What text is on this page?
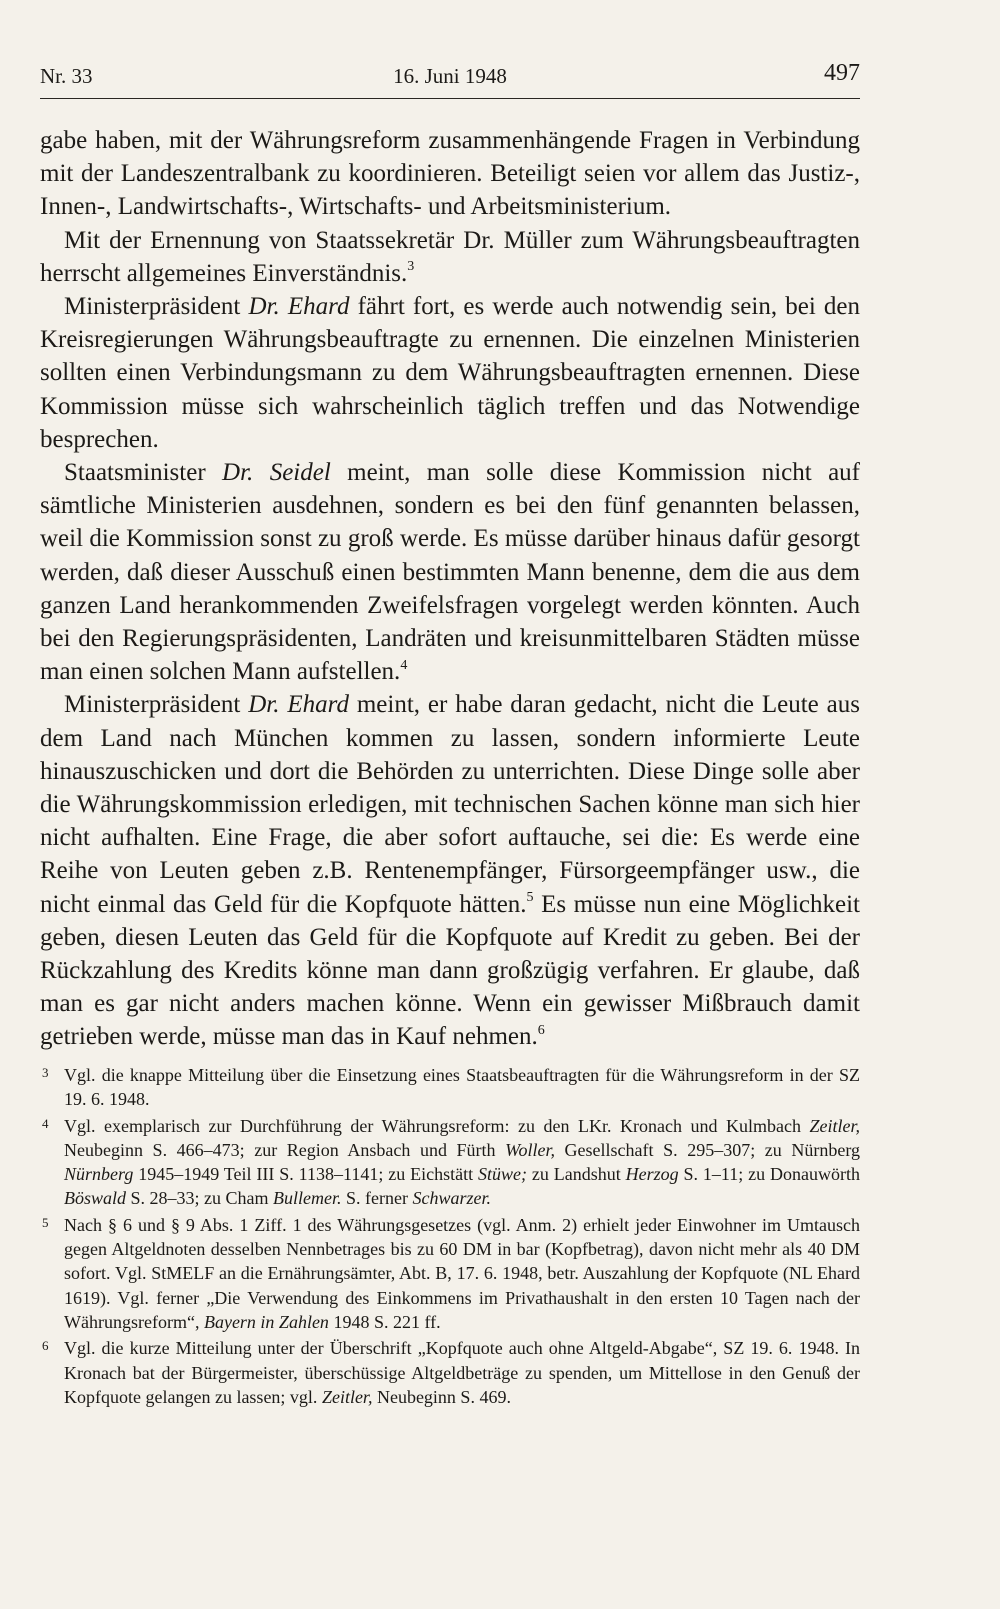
Nr. 33	16. Juni 1948	497

gabe haben, mit der Währungsreform zusammenhängende Fragen in Verbindung mit der Landeszentralbank zu koordinieren. Beteiligt seien vor allem das Justiz-, Innen-, Landwirtschafts-, Wirtschafts- und Arbeitsministerium.

Mit der Ernennung von Staatssekretär Dr. Müller zum Währungsbeauftragten herrscht allgemeines Einverständnis.$^3$

Ministerpräsident Dr. Ehard fährt fort, es werde auch notwendig sein, bei den Kreisregierungen Währungsbeauftragte zu ernennen. Die einzelnen Ministerien sollten einen Verbindungsmann zu dem Währungsbeauftragten ernennen. Diese Kommission müsse sich wahrscheinlich täglich treffen und das Notwendige besprechen.

Staatsminister Dr. Seidel meint, man solle diese Kommission nicht auf sämtliche Ministerien ausdehnen, sondern es bei den fünf genannten belassen, weil die Kommission sonst zu groß werde. Es müsse darüber hinaus dafür gesorgt werden, daß dieser Ausschuß einen bestimmten Mann benenne, dem die aus dem ganzen Land herankommenden Zweifelsfragen vorgelegt werden könnten. Auch bei den Regierungspräsidenten, Landräten und kreisunmittelbaren Städten müsse man einen solchen Mann aufstellen.$^4$

Ministerpräsident Dr. Ehard meint, er habe daran gedacht, nicht die Leute aus dem Land nach München kommen zu lassen, sondern informierte Leute hinauszuschicken und dort die Behörden zu unterrichten. Diese Dinge solle aber die Währungskommission erledigen, mit technischen Sachen könne man sich hier nicht aufhalten. Eine Frage, die aber sofort auftauche, sei die: Es werde eine Reihe von Leuten geben z.B. Rentenempfänger, Fürsorgeempfänger usw., die nicht einmal das Geld für die Kopfquote hätten.$^5$ Es müsse nun eine Möglichkeit geben, diesen Leuten das Geld für die Kopfquote auf Kredit zu geben. Bei der Rückzahlung des Kredits könne man dann großzügig verfahren. Er glaube, daß man es gar nicht anders machen könne. Wenn ein gewisser Mißbrauch damit getrieben werde, müsse man das in Kauf nehmen.$^6$

3 Vgl. die knappe Mitteilung über die Einsetzung eines Staatsbeauftragten für die Währungsreform in der SZ 19. 6. 1948.
4 Vgl. exemplarisch zur Durchführung der Währungsreform: zu den LKr. Kronach und Kulmbach Zeitler, Neubeginn S. 466–473; zur Region Ansbach und Fürth Woller, Gesellschaft S. 295–307; zu Nürnberg Nürnberg 1945–1949 Teil III S. 1138–1141; zu Eichstätt Stüwe; zu Landshut Herzog S. 1–11; zu Donauwörth Böswald S. 28–33; zu Cham Bullemer. S. ferner Schwarzer.
5 Nach § 6 und § 9 Abs. 1 Ziff. 1 des Währungsgesetzes (vgl. Anm. 2) erhielt jeder Einwohner im Umtausch gegen Altgeldnoten desselben Nennbetrages bis zu 60 DM in bar (Kopfbetrag), davon nicht mehr als 40 DM sofort. Vgl. StMELF an die Ernährungsämter, Abt. B, 17. 6. 1948, betr. Auszahlung der Kopfquote (NL Ehard 1619). Vgl. ferner „Die Verwendung des Einkommens im Privathaushalt in den ersten 10 Tagen nach der Währungsreform“, Bayern in Zahlen 1948 S. 221 ff.
6 Vgl. die kurze Mitteilung unter der Überschrift „Kopfquote auch ohne Altgeld-Abgabe“, SZ 19. 6. 1948. In Kronach bat der Bürgermeister, überschüssige Altgeldbeträge zu spenden, um Mittellose in den Genuß der Kopfquote gelangen zu lassen; vgl. Zeitler, Neubeginn S. 469.
